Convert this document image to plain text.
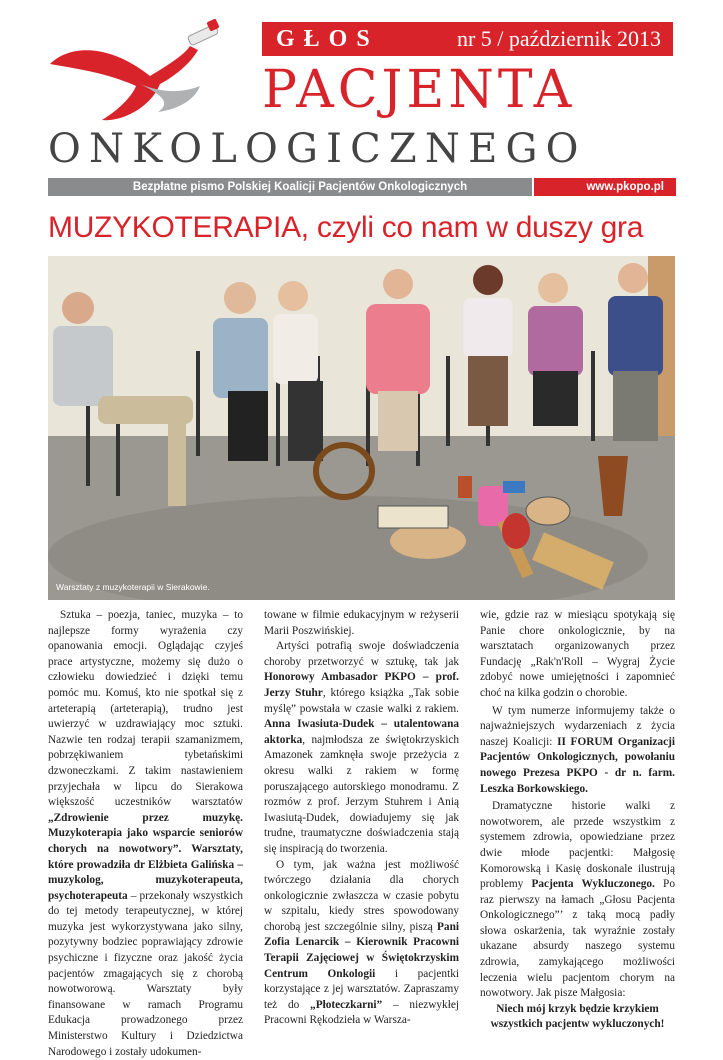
GŁOS	nr 5 / październik 2013
PACJENTA
ONKOLOGICZNEGO
Bezpłatne pismo Polskiej Koalicji Pacjentów Onkologicznych	www.pkopo.pl
MUZYKOTERAPIA, czyli co nam w duszy gra
Warsztaty z muzykoterapii w Sierakowie.

Sztuka – poezja, taniec, muzyka – to najlepsze formy wyrażenia czy opanowania emocji. Oglądając czyjeś prace artystyczne, możemy się dużo o człowieku dowiedzieć i dzięki temu pomóc mu. Komuś, kto nie spotkał się z arteterapią (arteterapią), trudno jest uwierzyć w uzdrawiający moc sztuki. Nazwie ten rodzaj terapii szamanizmem, pobrzękiwaniem tybetańskimi dzwoneczkami. Z takim nastawieniem przyjechała w lipcu do Sierakowa większość uczestników warsztatów „Zdrowienie przez muzykę. Muzykoterapia jako wsparcie seniorów chorych na nowotwory”. Warsztaty, które prowadziła dr Elżbieta Galińska – muzykolog, muzykoterapeuta, psychoterapeuta – przekonały wszystkich do tej metody terapeutycznej, w której muzyka jest wykorzystywana jako silny, pozytywny bodziec poprawiający zdrowie psychiczne i fizyczne oraz jakość życia pacjentów zmagających się z chorobą nowotworową. Warsztaty były finansowane w ramach Programu Edukacja prowadzonego przez Ministerstwo Kultury i Dziedzictwa Narodowego i zostały udokumen-

towane w filmie edukacyjnym w reżyserii Marii Poszwińskiej.

Artyści potrafią swoje doświadczenia choroby przetworzyć w sztukę, tak jak Honorowy Ambasador PKPO – prof. Jerzy Stuhr, którego książka „Tak sobie myślę” powstała w czasie walki z rakiem. Anna Iwasiuta-Dudek – utalentowana aktorka, najmłodsza ze świętokrzyskich Amazonek zamknęła swoje przeżycia z okresu walki z rakiem w formę poruszającego autorskiego monodramu. Z rozmów z prof. Jerzym Stuhrem i Anią Iwasiutą-Dudek, dowiadujemy się jak trudne, traumatyczne doświadczenia stają się inspiracją do tworzenia.

O tym, jak ważna jest możliwość twórczego działania dla chorych onkologicznie zwłaszcza w czasie pobytu w szpitalu, kiedy stres spowodowany chorobą jest szczególnie silny, piszą Pani Zofia Lenarcik – Kierownik Pracowni Terapii Zajęciowej w Świętokrzyskim Centrum Onkologii i pacjentki korzystające z jej warsztatów. Zapraszamy też do „Płoteczkarni” – niezwykłej Pracowni Rękodzieła w Warsza-

wie, gdzie raz w miesiącu spotykają się Panie chore onkologicznie, by na warsztatach organizowanych przez Fundację „Rak'n'Roll – Wygraj Życie zdobyć nowe umiejętności i zapomnieć choć na kilka godzin o chorobie.

W tym numerze informujemy także o najważniejszych wydarzeniach z życia naszej Koalicji: II FORUM Organizacji Pacjentów Onkologicznych, powołaniu nowego Prezesa PKPO - dr n. farm. Leszka Borkowskiego.

Dramatyczne historie walki z nowotworem, ale przede wszystkim z systemem zdrowia, opowiedziane przez dwie młode pacjentki: Małgosię Komorowską i Kasię doskonale ilustrują problemy Pacjenta Wykluczonego. Po raz pierwszy na łamach „Głosu Pacjenta Onkologicznego”’ z taką mocą padły słowa oskarżenia, tak wyraźnie zostały ukazane absurdy naszego systemu zdrowia, zamykającego możliwości leczenia wielu pacjentom chorym na nowotwory. Jak pisze Małgosia:

Niech mój krzyk będzie krzykiem wszystkich pacjentw wykluczonych!
